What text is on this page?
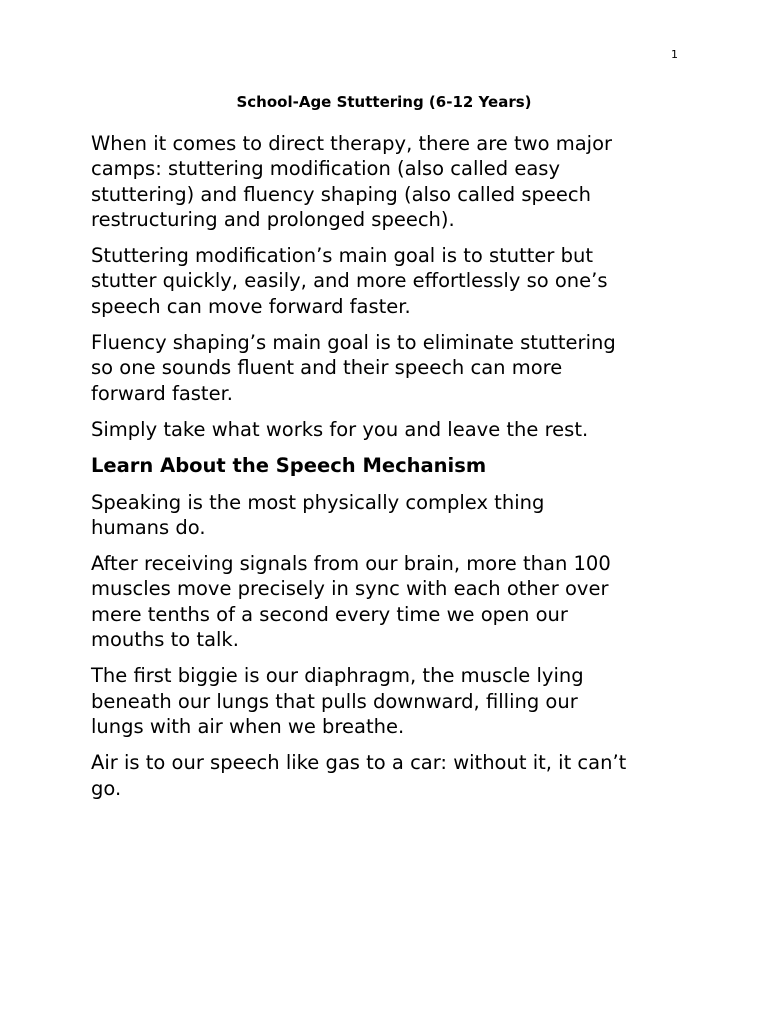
1
School-Age Stuttering (6-12 Years)

When it comes to direct therapy, there are two major
camps: stuttering modification (also called easy
stuttering) and fluency shaping (also called speech
restructuring and prolonged speech).

Stuttering modification’s main goal is to stutter but
stutter quickly, easily, and more effortlessly so one’s
speech can move forward faster.

Fluency shaping’s main goal is to eliminate stuttering
so one sounds fluent and their speech can more
forward faster.

Simply take what works for you and leave the rest.

Learn About the Speech Mechanism

Speaking is the most physically complex thing
humans do.

After receiving signals from our brain, more than 100
muscles move precisely in sync with each other over
mere tenths of a second every time we open our
mouths to talk.

The first biggie is our diaphragm, the muscle lying
beneath our lungs that pulls downward, filling our
lungs with air when we breathe.

Air is to our speech like gas to a car: without it, it can’t
go.
